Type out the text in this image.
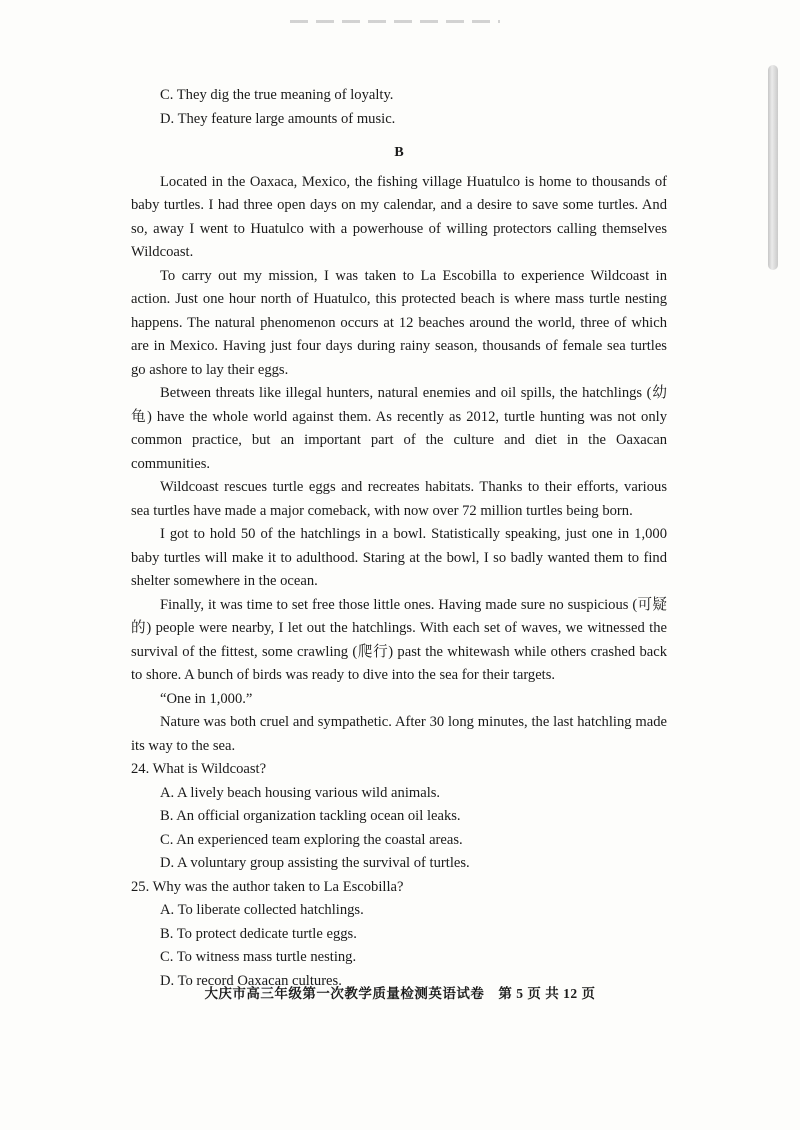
C. They dig the true meaning of loyalty.

D. They feature large amounts of music.

B

Located in the Oaxaca, Mexico, the fishing village Huatulco is home to thousands of baby turtles. I had three open days on my calendar, and a desire to save some turtles. And so, away I went to Huatulco with a powerhouse of willing protectors calling themselves Wildcoast.

To carry out my mission, I was taken to La Escobilla to experience Wildcoast in action. Just one hour north of Huatulco, this protected beach is where mass turtle nesting happens. The natural phenomenon occurs at 12 beaches around the world, three of which are in Mexico. Having just four days during rainy season, thousands of female sea turtles go ashore to lay their eggs.

Between threats like illegal hunters, natural enemies and oil spills, the hatchlings (幼龟) have the whole world against them. As recently as 2012, turtle hunting was not only common practice, but an important part of the culture and diet in the Oaxacan communities.

Wildcoast rescues turtle eggs and recreates habitats. Thanks to their efforts, various sea turtles have made a major comeback, with now over 72 million turtles being born.

I got to hold 50 of the hatchlings in a bowl. Statistically speaking, just one in 1,000 baby turtles will make it to adulthood. Staring at the bowl, I so badly wanted them to find shelter somewhere in the ocean.

Finally, it was time to set free those little ones. Having made sure no suspicious (可疑的) people were nearby, I let out the hatchlings. With each set of waves, we witnessed the survival of the fittest, some crawling (爬行) past the whitewash while others crashed back to shore. A bunch of birds was ready to dive into the sea for their targets.

“One in 1,000.”

Nature was both cruel and sympathetic. After 30 long minutes, the last hatchling made its way to the sea.

24. What is Wildcoast?

A. A lively beach housing various wild animals.

B. An official organization tackling ocean oil leaks.

C. An experienced team exploring the coastal areas.

D. A voluntary group assisting the survival of turtles.

25. Why was the author taken to La Escobilla?

A. To liberate collected hatchlings.

B. To protect dedicate turtle eggs.

C. To witness mass turtle nesting.

D. To record Oaxacan cultures.

大庆市高三年级第一次教学质量检测英语试卷　第 5 页 共 12 页
